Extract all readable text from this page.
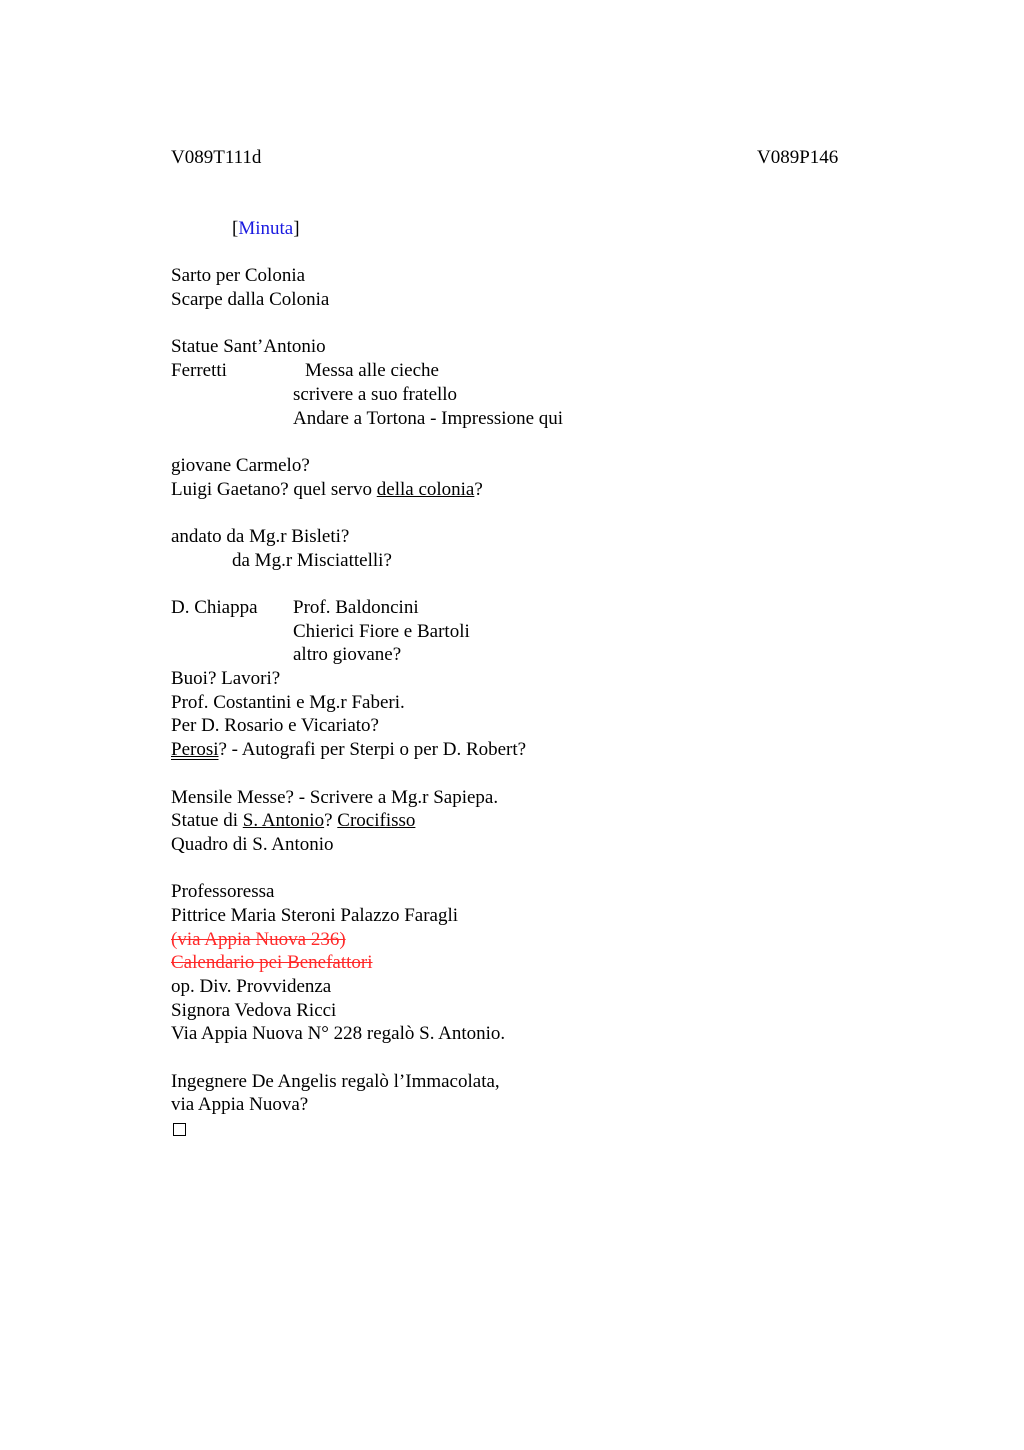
V089T111d	V089P146
[Minuta]
Sarto per Colonia
Scarpe dalla Colonia
Statue Sant’Antonio
Ferretti	Messa alle cieche
scrivere a suo fratello
Andare a Tortona - Impressione qui
giovane Carmelo?
Luigi Gaetano? quel servo della colonia?
andato da Mg.r Bisleti?
da Mg.r Misciattelli?
D. Chiappa Prof. Baldoncini
Chierici Fiore e Bartoli
altro giovane?
Buoi? Lavori?
Prof. Costantini e Mg.r Faberi.
Per D. Rosario e Vicariato?
Perosi? - Autografi per Sterpi o per D. Robert?
Mensile Messe? - Scrivere a Mg.r Sapiepa.
Statue di S. Antonio? Crocifisso
Quadro di S. Antonio
Professoressa
Pittrice Maria Steroni Palazzo Faragli
(via Appia Nuova 236)
Calendario pei Benefattori
op. Div. Provvidenza
Signora Vedova Ricci
Via Appia Nuova N° 228 regalò S. Antonio.
Ingegnere De Angelis regalò l’Immacolata,
via Appia Nuova?
